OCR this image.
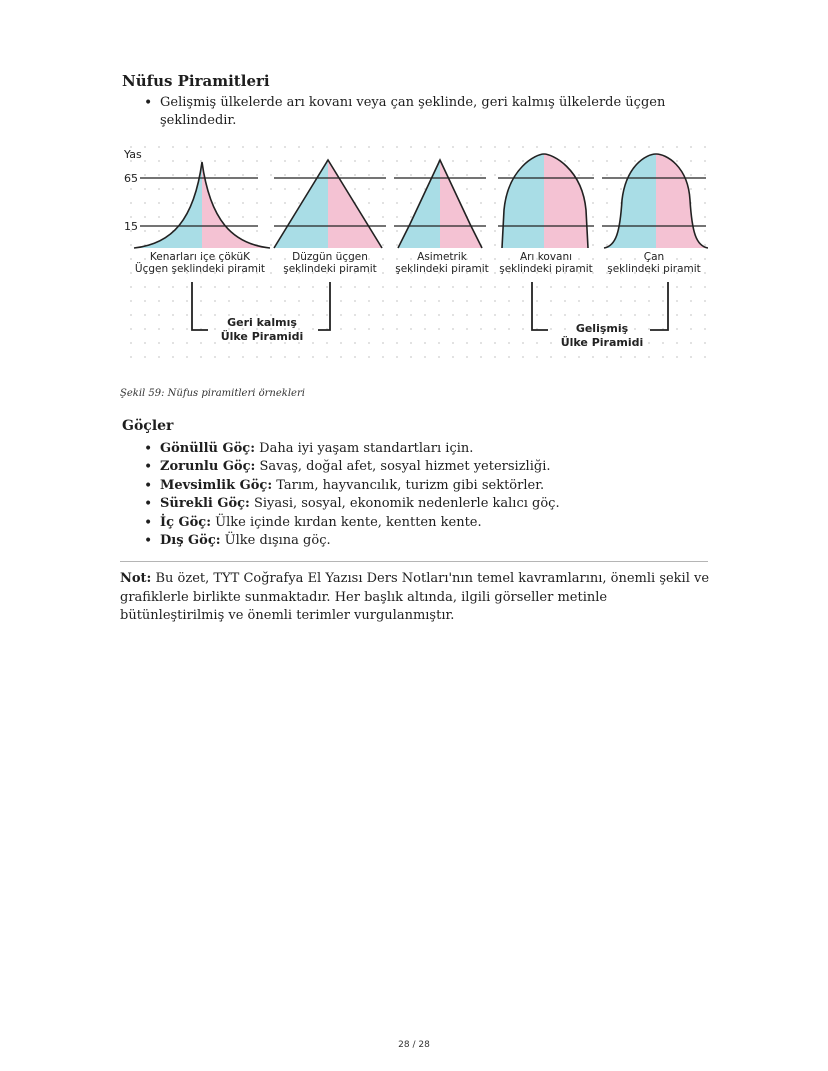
Nüfus Piramitleri
• Gelişmiş ülkelerde arı kovanı veya çan şeklinde, geri kalmış ülkelerde üçgen şeklindedir.
Yas
65
15
Kenarları içe çöküK
Üçgen şeklindeki piramit
Düzgün üçgen
şeklindeki piramit
Asimetrik
şeklindeki piramit
Arı kovanı
şeklindeki piramit
Çan
şeklindeki piramit
Geri kalmış
Ülke Piramidi
Gelişmiş
Ülke Piramidi
Şekil 59: Nüfus piramitleri örnekleri
Göçler
• Gönüllü Göç: Daha iyi yaşam standartları için.
• Zorunlu Göç: Savaş, doğal afet, sosyal hizmet yetersizliği.
• Mevsimlik Göç: Tarım, hayvancılık, turizm gibi sektörler.
• Sürekli Göç: Siyasi, sosyal, ekonomik nedenlerle kalıcı göç.
• İç Göç: Ülke içinde kırdan kente, kentten kente.
• Dış Göç: Ülke dışına göç.
Not: Bu özet, TYT Coğrafya El Yazısı Ders Notları'nın temel kavramlarını, önemli şekil ve grafiklerle birlikte sunmaktadır. Her başlık altında, ilgili görseller metinle bütünleştirilmiş ve önemli terimler vurgulanmıştır.
28 / 28
